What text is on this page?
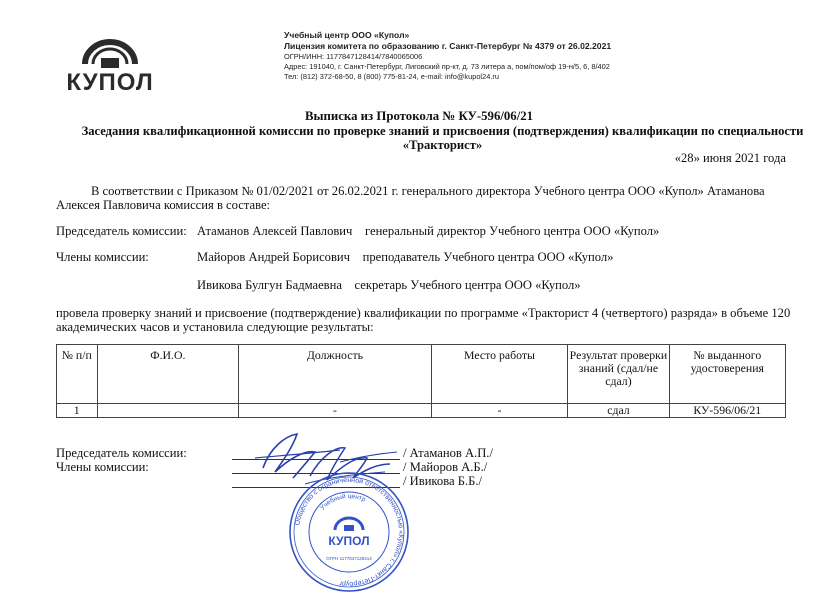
КУПОЛ
Учебный центр ООО «Купол»
Лицензия комитета по образованию г. Санкт-Петербург № 4379 от 26.02.2021
ОГРН/ИНН: 1177847128414/7840065006
Адрес: 191040, г. Санкт-Петербург, Лиговский пр-кт, д. 73 литера а, пом/пом/оф 19-н/5, 6, 8/402
Тел: (812) 372-68-50, 8 (800) 775-81-24, e-mail: info@kupol24.ru
Выписка из Протокола № КУ-596/06/21
Заседания квалификационной комиссии по проверке знаний и присвоения (подтверждения) квалификации по специальности «Тракторист»
«28» июня 2021 года
В соответствии с Приказом № 01/02/2021 от 26.02.2021 г. генерального директора Учебного центра ООО «Купол» Атаманова Алексея Павловича комиссия в составе:
Председатель комиссии: Атаманов Алексей Павлович    генеральный директор Учебного центра ООО «Купол»
Члены комиссии:	Майоров Андрей Борисович    преподаватель Учебного центра ООО «Купол»
Ивикова Булгун Бадмаевна    секретарь Учебного центра ООО «Купол»
провела проверку знаний и присвоение (подтверждение) квалификации по программе «Тракторист 4 (четвертого) разряда» в объеме 120 академических часов и установила следующие результаты:
№ п/п	Ф.И.О.	Должность	Место работы	Результат проверки знаний (сдал/не сдал)	№ выданного удостоверения
1		-	-	сдал	КУ-596/06/21
Председатель комиссии:
Члены комиссии:
/ Атаманов А.П./
/ Майоров А.Б./
/ Ивикова Б.Б./
Общество с ограниченной ответственностью «Купол» г. Санкт-Петербург
Учебный центр
КУПОЛ
ОГРН 1177847128414
